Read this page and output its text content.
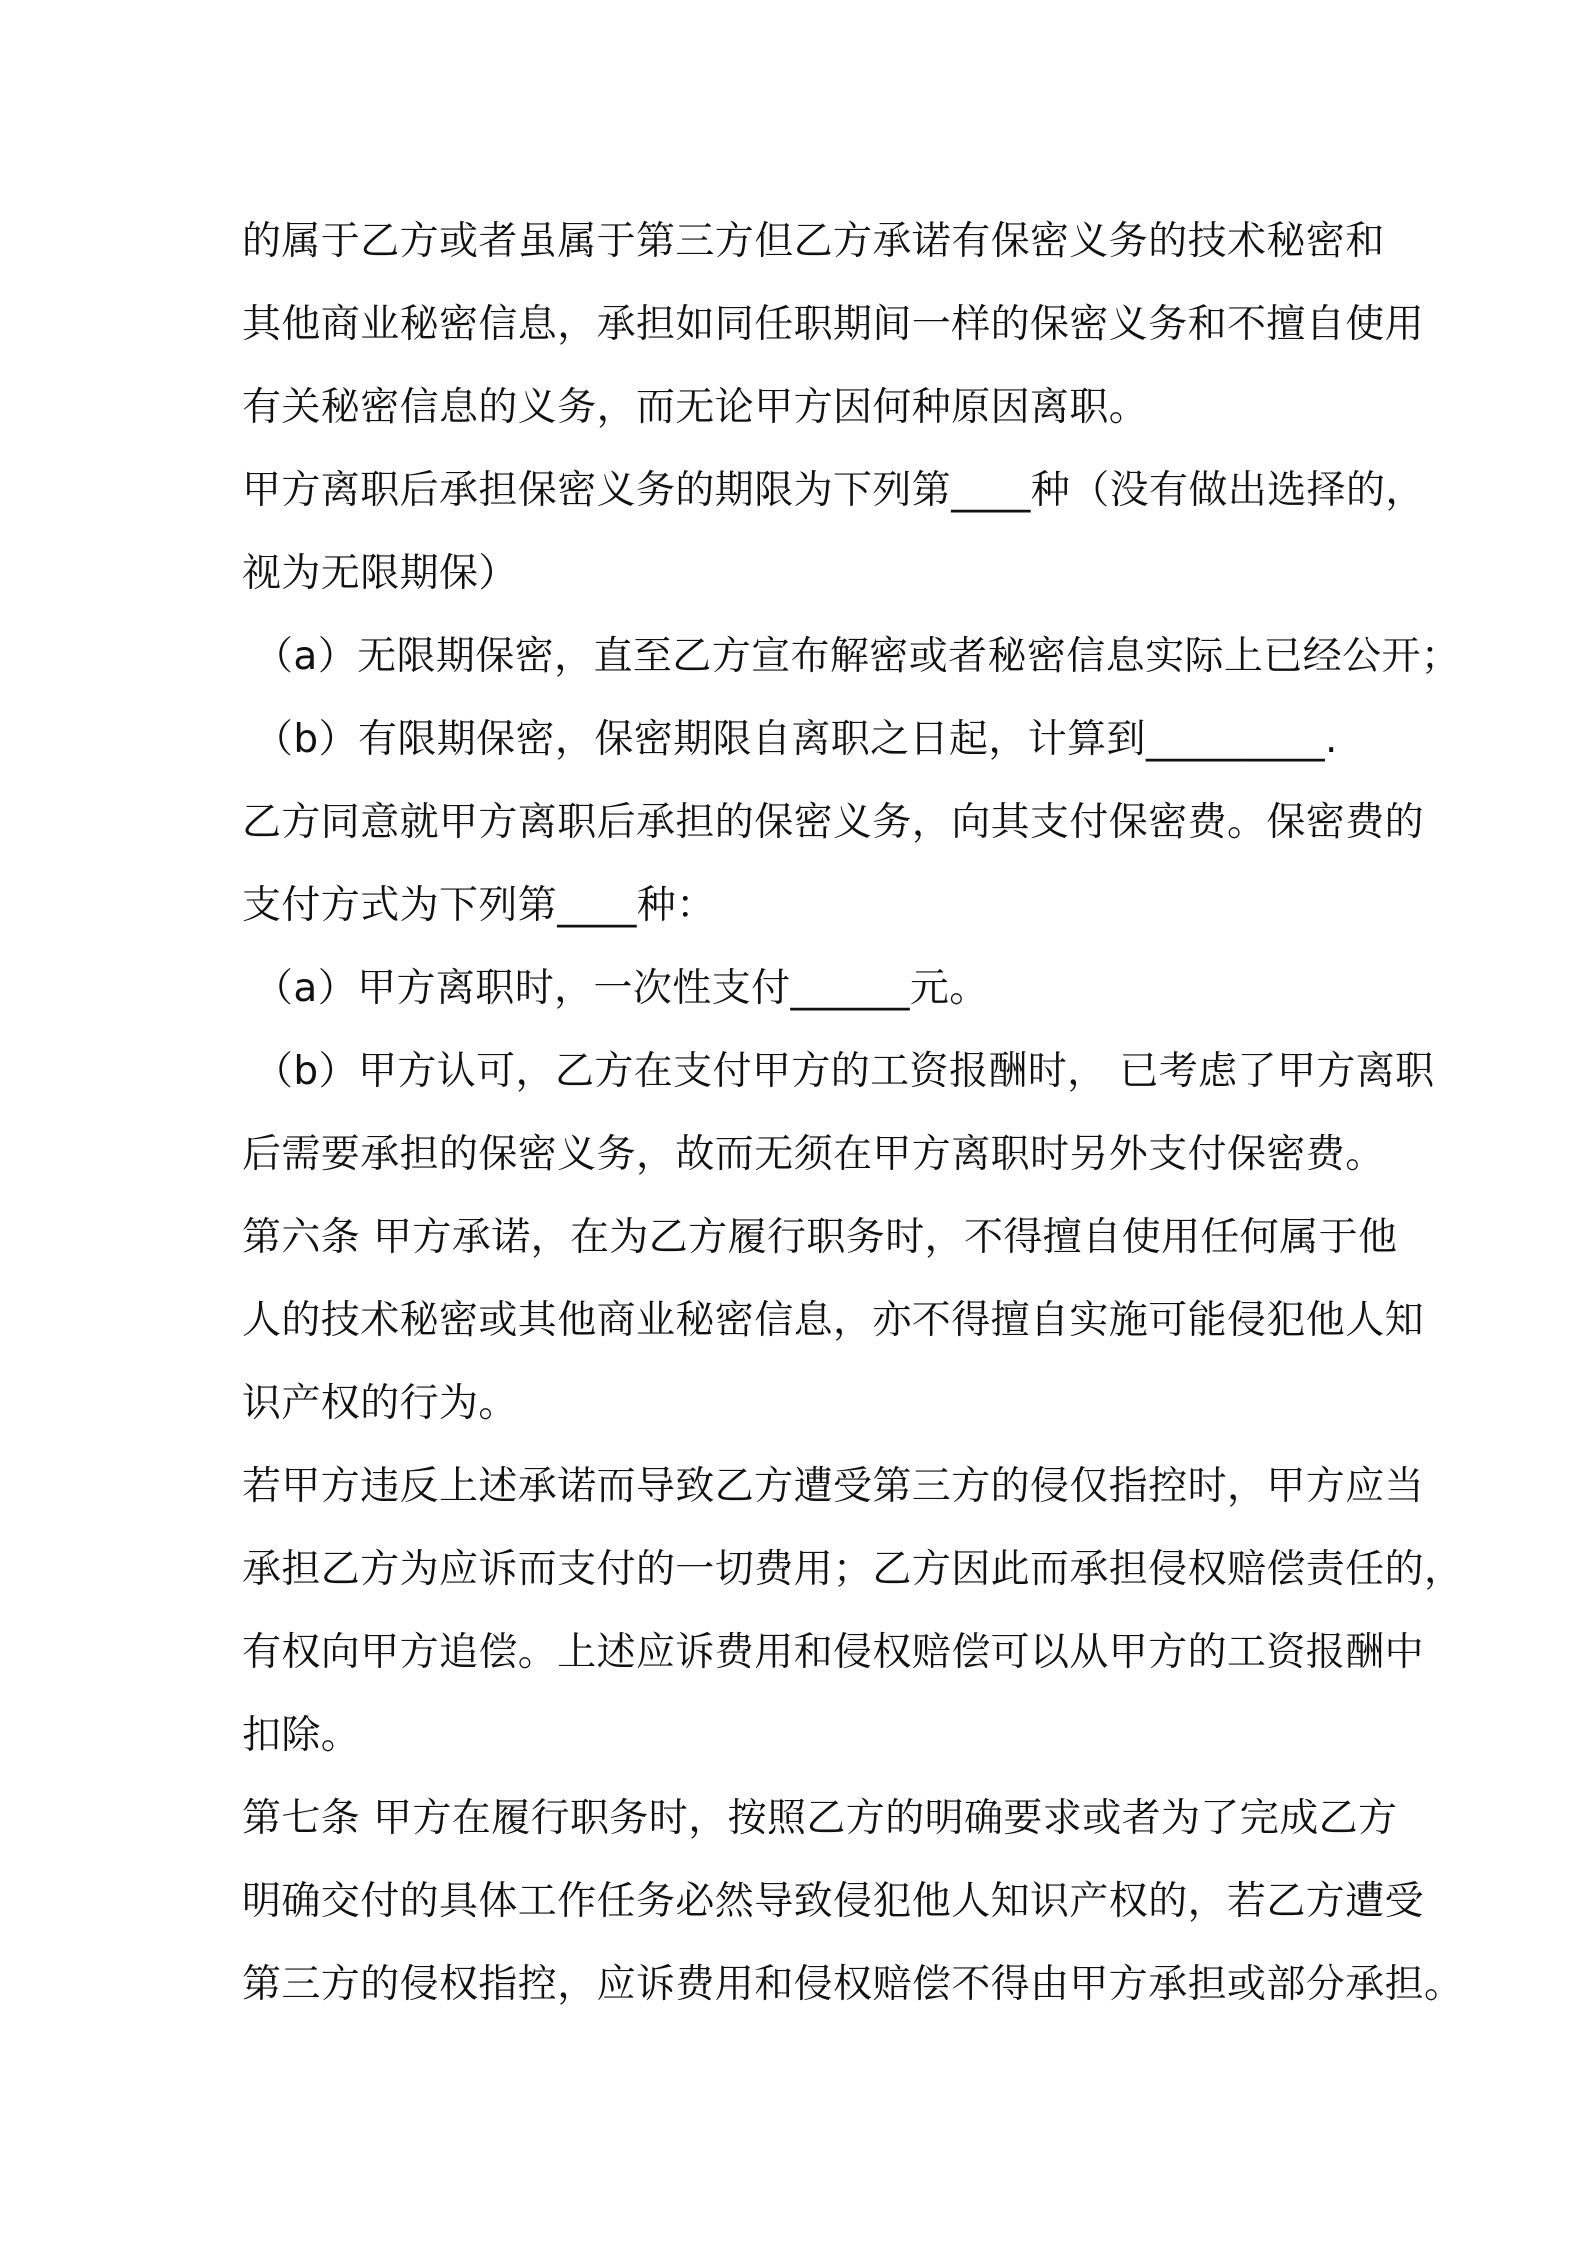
的属于乙方或者虽属于第三方但乙方承诺有保密义务的技术秘密和
其他商业秘密信息，承担如同任职期间一样的保密义务和不擅自使用
有关秘密信息的义务，而无论甲方因何种原因离职。

甲方离职后承担保密义务的期限为下列第____种（没有做出选择的，
视为无限期保）

（a）无限期保密，直至乙方宣布解密或者秘密信息实际上已经公开；

（b）有限期保密，保密期限自离职之日起，计算到_________.

乙方同意就甲方离职后承担的保密义务，向其支付保密费。保密费的
支付方式为下列第____种：

（a）甲方离职时，一次性支付______元。

（b）甲方认可，乙方在支付甲方的工资报酬时， 已考虑了甲方离职
后需要承担的保密义务，故而无须在甲方离职时另外支付保密费。

第六条 甲方承诺，在为乙方履行职务时，不得擅自使用任何属于他
人的技术秘密或其他商业秘密信息，亦不得擅自实施可能侵犯他人知
识产权的行为。

若甲方违反上述承诺而导致乙方遭受第三方的侵仅指控时，甲方应当
承担乙方为应诉而支付的一切费用；乙方因此而承担侵权赔偿责任的，
有权向甲方追偿。上述应诉费用和侵权赔偿可以从甲方的工资报酬中
扣除。

第七条 甲方在履行职务时，按照乙方的明确要求或者为了完成乙方
明确交付的具体工作任务必然导致侵犯他人知识产权的，若乙方遭受
第三方的侵权指控，应诉费用和侵权赔偿不得由甲方承担或部分承担。
